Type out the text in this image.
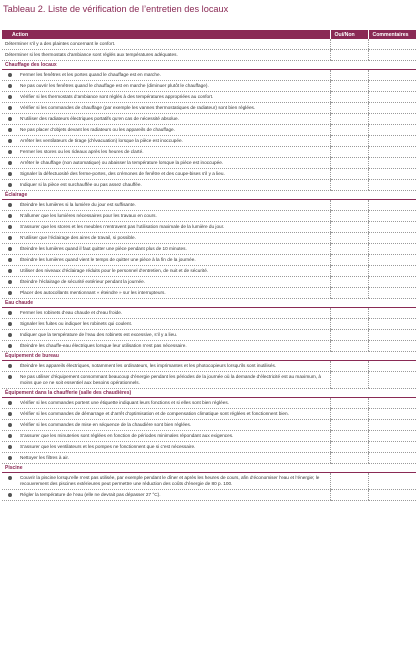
Tableau 2. Liste de vérification de l’entretien des locaux
Action	Oui/Non	Commentaires
Déterminer s’il y a des plaintes concernant le confort.		
Déterminer si les thermostats d’ambiance sont réglés aux températures adéquates.		
Chauffage des locaux		
Fermer les fenêtres et les portes quand le chauffage est en marche.		
Ne pas ouvrir les fenêtres quand le chauffage est en marche (diminuer plutôt le chauffage).		
Vérifier si les thermostats d’ambiance sont réglés à des températures appropriées au confort.		
Vérifier si les commandes de chauffage (par exemple les vannes thermostatiques de radiateur) sont bien réglées.		
N’utiliser des radiateurs électriques portatifs qu’en cas de nécessité absolue.		
Ne pas placer d’objets devant les radiateurs ou les appareils de chauffage.		
Arrêter les ventilateurs de tirage (d’évacuation) lorsque la pièce est inoccupée.		
Fermer les stores ou les rideaux après les heures de clarté.		
Arrêter le chauffage (non automatique) ou abaisser la température lorsque la pièce est inoccupée.		
Signaler la défectuosité des ferme-portes, des crémones de fenêtre et des coupe-bises s’il y a lieu.		
Indiquer si la pièce est surchauffée ou pas assez chauffée.		
Éclairage		
Éteindre les lumières si la lumière du jour est suffisante.		
N’allumer que les lumières nécessaires pour les travaux en cours.		
S’assurer que les stores et les meubles n’entravent pas l’utilisation maximale de la lumière du jour.		
N’utiliser que l’éclairage des aires de travail, si possible.		
Éteindre les lumières quand il faut quitter une pièce pendant plus de 10 minutes.		
Éteindre les lumières quand vient le temps de quitter une pièce à la fin de la journée.		
Utiliser des niveaux d’éclairage réduits pour le personnel d’entretien, de nuit et de sécurité.		
Éteindre l’éclairage de sécurité extérieur pendant la journée.		
Placer des autocollants mentionnant « éteindre » sur les interrupteurs.		
Eau chaude		
Fermer les robinets d’eau chaude et d’eau froide.		
Signaler les fuites ou indiquer les robinets qui coulent.		
Indiquer que la température de l’eau des robinets est excessive, s’il y a lieu.		
Éteindre les chauffe-eau électriques lorsque leur utilisation n’est pas nécessaire.		
Équipement de bureau		
Éteindre les appareils électriques, notamment les ordinateurs, les imprimantes et les photocopieurs lorsqu’ils sont inutilisés.		
Ne pas utiliser d’équipement consommant beaucoup d’énergie pendant les périodes de la journée où la demande d’électricité est au maximum, à moins que ce ne soit essentiel aux besoins opérationnels.		
Équipement dans la chaufferie (salle des chaudières)		
Vérifier si les commandes portent une étiquette indiquant leurs fonctions et si elles sont bien réglées.		
Vérifier si les commandes de démarrage et d’arrêt d’optimisation et de compensation climatique sont réglées et fonctionnent bien.		
Vérifier si les commandes de mise en séquence de la chaudière sont bien réglées.		
S’assurer que les minuteries sont réglées en fonction de périodes minimales répondant aux exigences.		
S’assurer que les ventilateurs et les pompes ne fonctionnent que si c’est nécessaire.		
Nettoyer les filtres à air.		
Piscine		
Couvrir la piscine lorsqu’elle n’est pas utilisée, par exemple pendant le dîner et après les heures de cours, afin d’économiser l’eau et l’énergie; le recouvrement des piscines extérieures peut permettre une réduction des coûts d’énergie de 80 p. 100.		
Régler la température de l’eau (elle ne devrait pas dépasser 27 °C).		
